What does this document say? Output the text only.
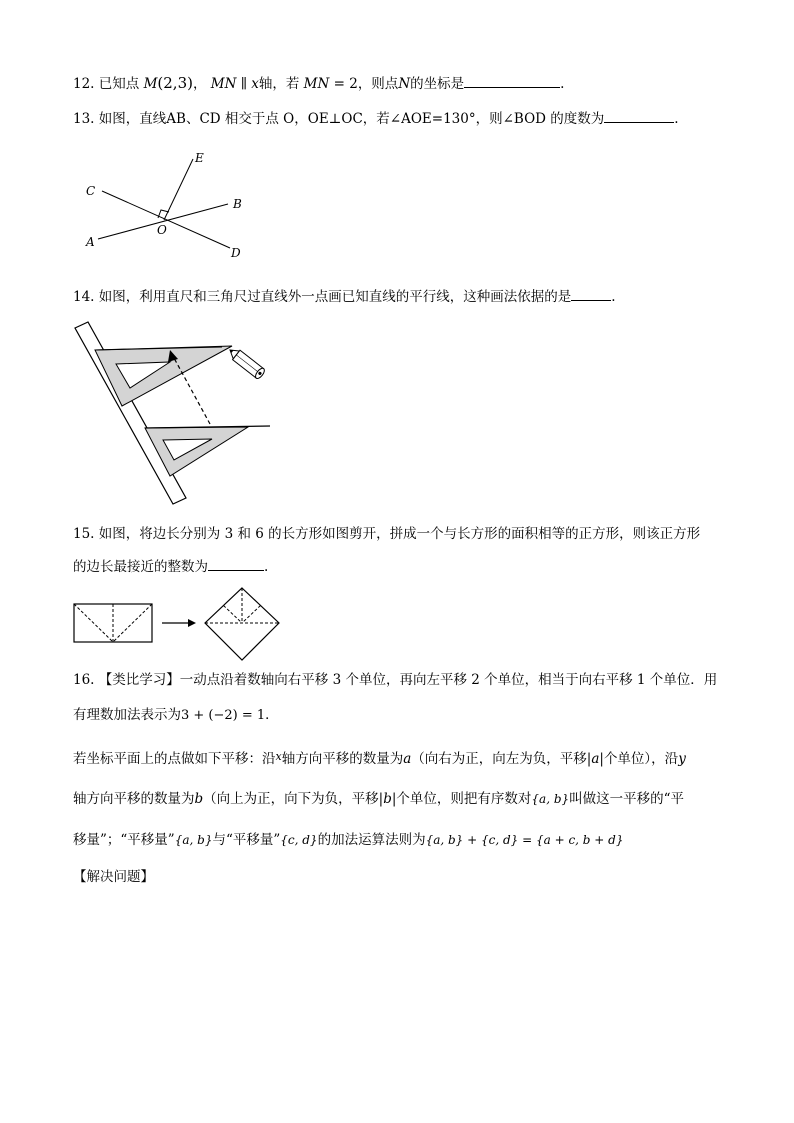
12. 已知点 M(2,3)， MN ∥ x轴，若 MN = 2，则点N的坐标是	.
13. 如图，直线AB、CD 相交于点 O，OE⊥OC，若∠AOE=130°，则∠BOD 的度数为	.
E
C
B
O
A
D
14. 如图，利用直尺和三角尺过直线外一点画已知直线的平行线，这种画法依据的是	.
15. 如图，将边长分别为 3 和 6 的长方形如图剪开，拼成一个与长方形的面积相等的正方形，则该正方形
的边长最接近的整数为	.
16. 【类比学习】一动点沿着数轴向右平移 3 个单位，再向左平移 2 个单位，相当于向右平移 1 个单位．用
有理数加法表示为3 + (−2) = 1．
若坐标平面上的点做如下平移：沿$^x$轴方向平移的数量为a（向右为正，向左为负，平移|a|个单位），沿y
轴方向平移的数量为b（向上为正，向下为负，平移|b|个单位，则把有序数对{a, b}叫做这一平移的“平
移量”；“平移量”{a, b}与“平移量”{c, d}的加法运算法则为{a, b} + {c, d} = {a + c, b + d}
【解决问题】
